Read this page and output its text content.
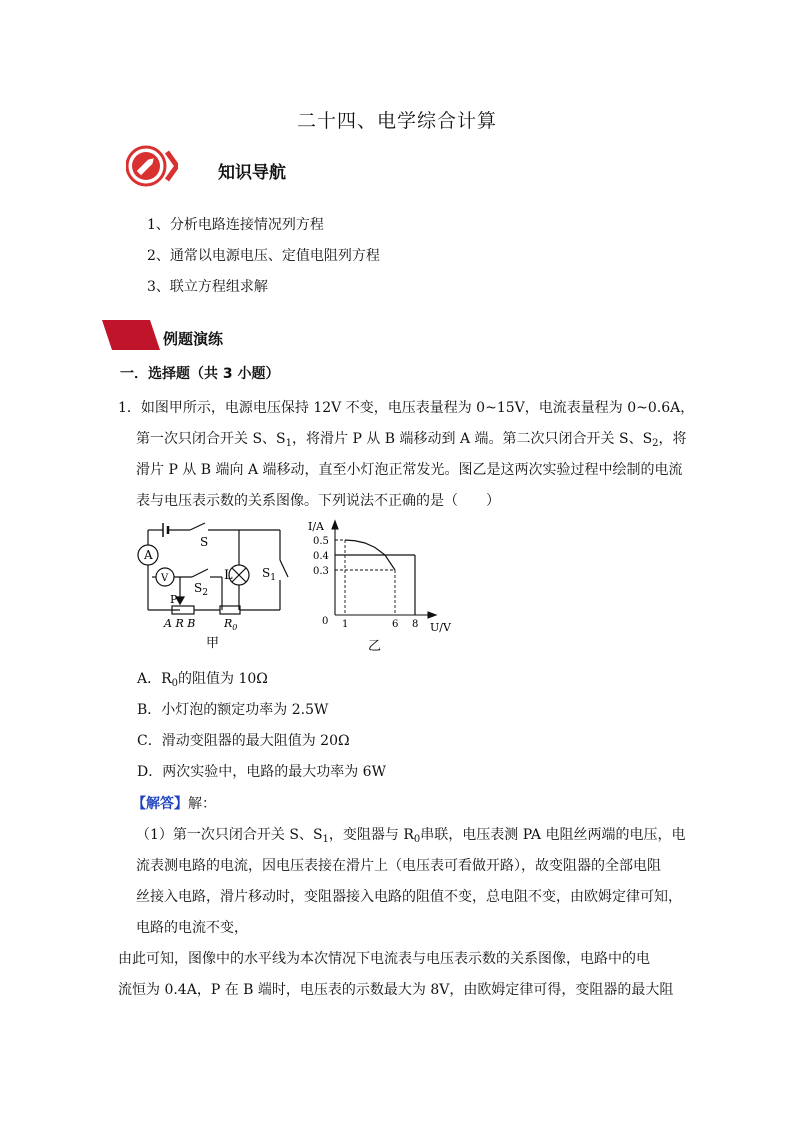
二十四、电学综合计算
知识导航
1、分析电路连接情况列方程
2、通常以电源电压、定值电阻列方程
3、联立方程组求解
例题演练
一．选择题（共 3 小题）
1．如图甲所示，电源电压保持 12V 不变，电压表量程为 0~15V，电流表量程为 0~0.6A，
第一次只闭合开关 S、$S_1$，将滑片 P 从 B 端移动到 A 端。第二次只闭合开关 S、$S_2$，将
滑片 P 从 B 端向 A 端移动，直至小灯泡正常发光。图乙是这两次实验过程中绘制的电流
表与电压表示数的关系图像。下列说法不正确的是（　　）
S
$S_1$
$S_2$
L
A
V
P
A R B	$R_0$
甲
1	6 8
0.5
0.4
0.3
I/A
U/V
0
乙
A．$R_0$的阻值为 10Ω
B．小灯泡的额定功率为 2.5W
C．滑动变阻器的最大阻值为 20Ω
D．两次实验中，电路的最大功率为 6W
【解答】解：
（1）第一次只闭合开关 S、$S_1$，变阻器与 $R_0$串联，电压表测 PA 电阻丝两端的电压，电
流表测电路的电流，因电压表接在滑片上（电压表可看做开路），故变阻器的全部电阻
丝接入电路，滑片移动时，变阻器接入电路的阻值不变，总电阻不变，由欧姆定律可知，
电路的电流不变，
由此可知，图像中的水平线为本次情况下电流表与电压表示数的关系图像，电路中的电
流恒为 0.4A，P 在 B 端时，电压表的示数最大为 8V，由欧姆定律可得，变阻器的最大阻
